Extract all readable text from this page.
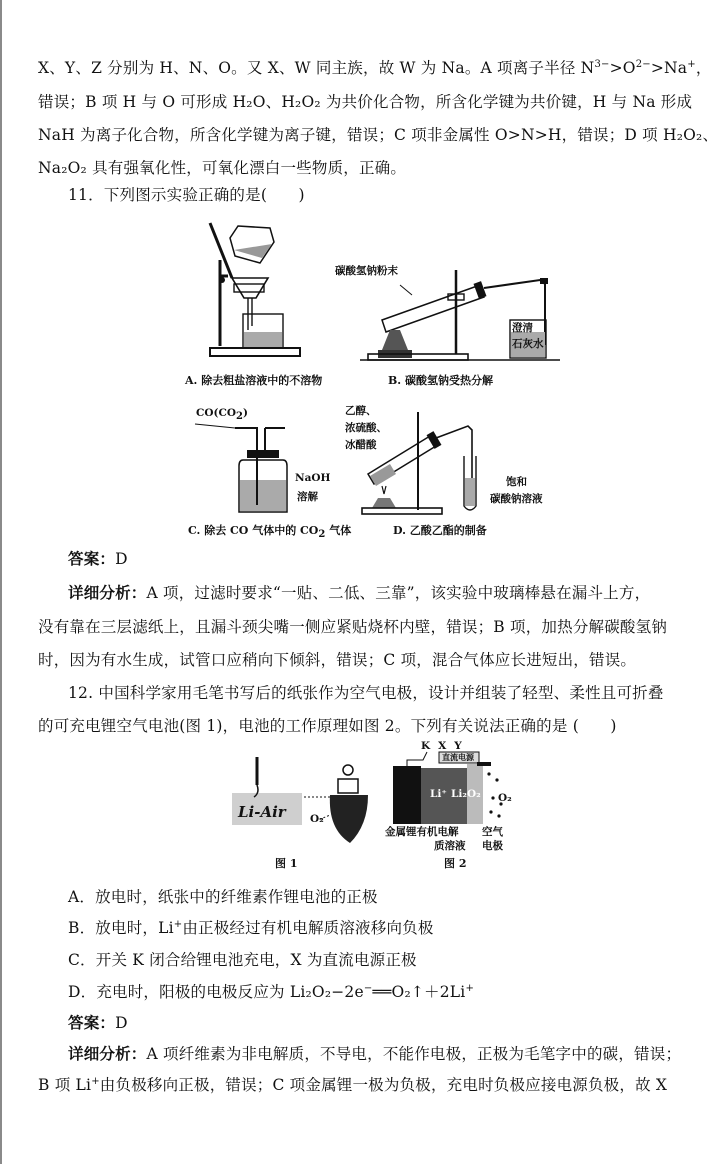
X、Y、Z 分别为 H、N、O。又 X、W 同主族，故 W 为 Na。A 项离子半径 $N^{3-}>O^{2-}>Na^+$，
错误；B 项 H 与 O 可形成 H₂O、H₂O₂ 为共价化合物，所含化学键为共价键，H 与 Na 形成
NaH 为离子化合物，所含化学键为离子键，错误；C 项非金属性 O>N>H，错误；D 项 H₂O₂、
Na₂O₂ 具有强氧化性，可氧化漂白一些物质，正确。
11．下列图示实验正确的是(　　)
A. 除去粗盐溶液中的不溶物
碳酸氢钠粉末
澄清
石灰水
B. 碳酸氢钠受热分解
$CO(CO_2)$
NaOH
溶解
C. 除去 CO 气体中的 $CO_2$ 气体
乙醇、
浓硫酸、
冰醋酸
饱和
碳酸钠溶液
D. 乙酸乙酯的制备
答案：D
详细分析：A 项，过滤时要求“一贴、二低、三靠”，该实验中玻璃棒悬在漏斗上方，
没有靠在三层滤纸上，且漏斗颈尖嘴一侧应紧贴烧杯内壁，错误；B 项，加热分解碳酸氢钠
时，因为有水生成，试管口应稍向下倾斜，错误；C 项，混合气体应长进短出，错误。
12. 中国科学家用毛笔书写后的纸张作为空气电极，设计并组装了轻型、柔性且可折叠
的可充电锂空气电池(图 1)，电池的工作原理如图 2。下列有关说法正确的是 (　　)
Li-Air O₂
图 1
KXY
直流电源
Li⁺ Li₂O₂ O₂
金属锂有机电解
质溶液
空气
电极
图 2
A．放电时，纸张中的纤维素作锂电池的正极
B．放电时，Li+由正极经过有机电解质溶液移向负极
C．开关 K 闭合给锂电池充电，X 为直流电源正极
D．充电时，阳极的电极反应为 Li₂O₂−2e−══O₂↑＋2Li+
答案：D
详细分析：A 项纤维素为非电解质，不导电，不能作电极，正极为毛笔字中的碳，错误；
B 项 Li+由负极移向正极，错误；C 项金属锂一极为负极，充电时负极应接电源负极，故 X
